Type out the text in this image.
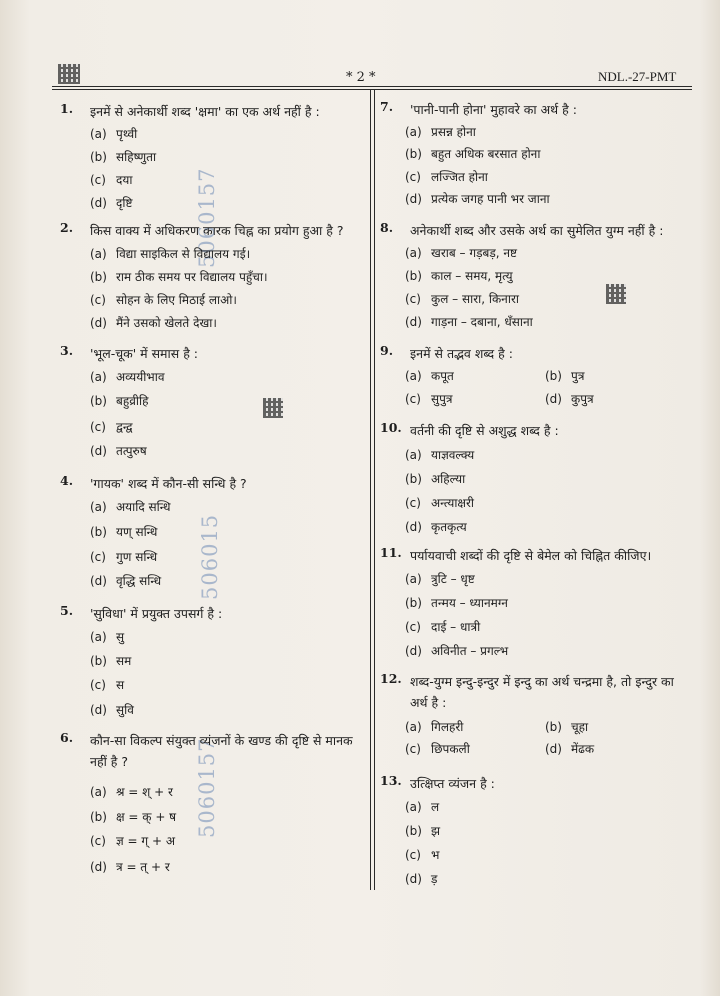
* 2 *	NDL.-27-PMT
5060157
506015
5060157
1. इनमें से अनेकार्थी शब्द 'क्षमा' का एक अर्थ नहीं है :
(a) पृथ्वी
(b) सहिष्णुता
(c) दया
(d) दृष्टि
2. किस वाक्य में अधिकरण कारक चिह्न का प्रयोग हुआ है ?
(a) विद्या साइकिल से विद्यालय गई।
(b) राम ठीक समय पर विद्यालय पहुँचा।
(c) सोहन के लिए मिठाई लाओ।
(d) मैंने उसको खेलते देखा।
3. 'भूल-चूक' में समास है :
(a) अव्ययीभाव
(b) बहुव्रीहि
(c) द्वन्द्व
(d) तत्पुरुष
4. 'गायक' शब्द में कौन-सी सन्धि है ?
(a) अयादि सन्धि
(b) यण् सन्धि
(c) गुण सन्धि
(d) वृद्धि सन्धि
5. 'सुविधा' में प्रयुक्त उपसर्ग है :
(a) सु
(b) सम
(c) स
(d) सुवि
6. कौन-सा विकल्प संयुक्त व्यंजनों के खण्ड की दृष्टि से मानक नहीं है ?
(a) श्र = श् + र
(b) क्ष = क् + ष
(c) ज्ञ = ग् + अ
(d) त्र = त् + र
7. 'पानी-पानी होना' मुहावरे का अर्थ है :
(a) प्रसन्न होना
(b) बहुत अधिक बरसात होना
(c) लज्जित होना
(d) प्रत्येक जगह पानी भर जाना
8. अनेकार्थी शब्द और उसके अर्थ का सुमेलित युग्म नहीं है :
(a) खराब – गड़बड़, नष्ट
(b) काल – समय, मृत्यु
(c) कुल – सारा, किनारा
(d) गाड़ना – दबाना, धँसाना
9. इनमें से तद्भव शब्द है :
(a) कपूत	(b) पुत्र
(c) सुपुत्र	(d) कुपुत्र
10. वर्तनी की दृष्टि से अशुद्ध शब्द है :
(a) याज्ञवल्क्य
(b) अहिल्या
(c) अन्त्याक्षरी
(d) कृतकृत्य
11. पर्यायवाची शब्दों की दृष्टि से बेमेल को चिह्नित कीजिए।
(a) त्रुटि – धृष्ट
(b) तन्मय – ध्यानमग्न
(c) दाई – धात्री
(d) अविनीत – प्रगल्भ
12. शब्द-युग्म इन्दु-इन्दुर में इन्दु का अर्थ चन्द्रमा है, तो इन्दुर का अर्थ है :
(a) गिलहरी	(b) चूहा
(c) छिपकली	(d) मेंढक
13. उत्क्षिप्त व्यंजन है :
(a) ल
(b) झ
(c) भ
(d) ड़
